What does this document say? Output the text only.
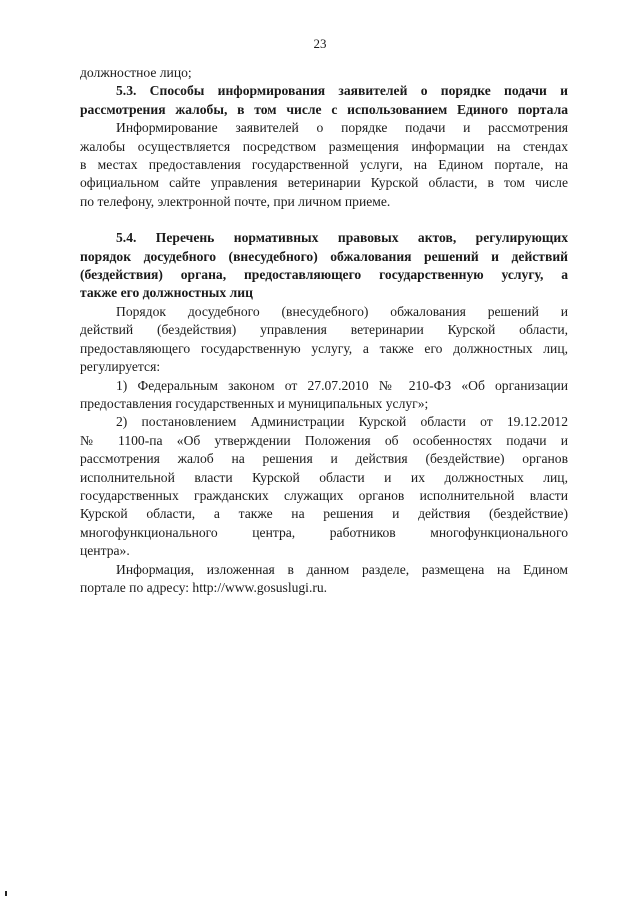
23
должностное лицо;
5.3. Способы информирования заявителей о порядке подачи и
рассмотрения жалобы, в том числе с использованием Единого портала
Информирование заявителей о порядке подачи и рассмотрения
жалобы осуществляется посредством размещения информации на стендах
в местах предоставления государственной услуги, на Едином портале, на
официальном сайте управления ветеринарии Курской области, в том числе
по телефону, электронной почте, при личном приеме.
5.4. Перечень нормативных правовых актов, регулирующих
порядок досудебного (внесудебного) обжалования решений и действий
(бездействия) органа, предоставляющего государственную услугу, а
также его должностных лиц
Порядок досудебного (внесудебного) обжалования решений и
действий (бездействия) управления ветеринарии Курской области,
предоставляющего государственную услугу, а также его должностных лиц,
регулируется:
1) Федеральным законом от 27.07.2010 № 210-ФЗ «Об организации
предоставления государственных и муниципальных услуг»;
2) постановлением Администрации Курской области от 19.12.2012
№ 1100-па «Об утверждении Положения об особенностях подачи и
рассмотрения жалоб на решения и действия (бездействие) органов
исполнительной власти Курской области и их должностных лиц,
государственных гражданских служащих органов исполнительной власти
Курской области, а также на решения и действия (бездействие)
многофункционального центра, работников многофункционального
центра».
Информация, изложенная в данном разделе, размещена на Едином
портале по адресу: http://www.gosuslugi.ru.
